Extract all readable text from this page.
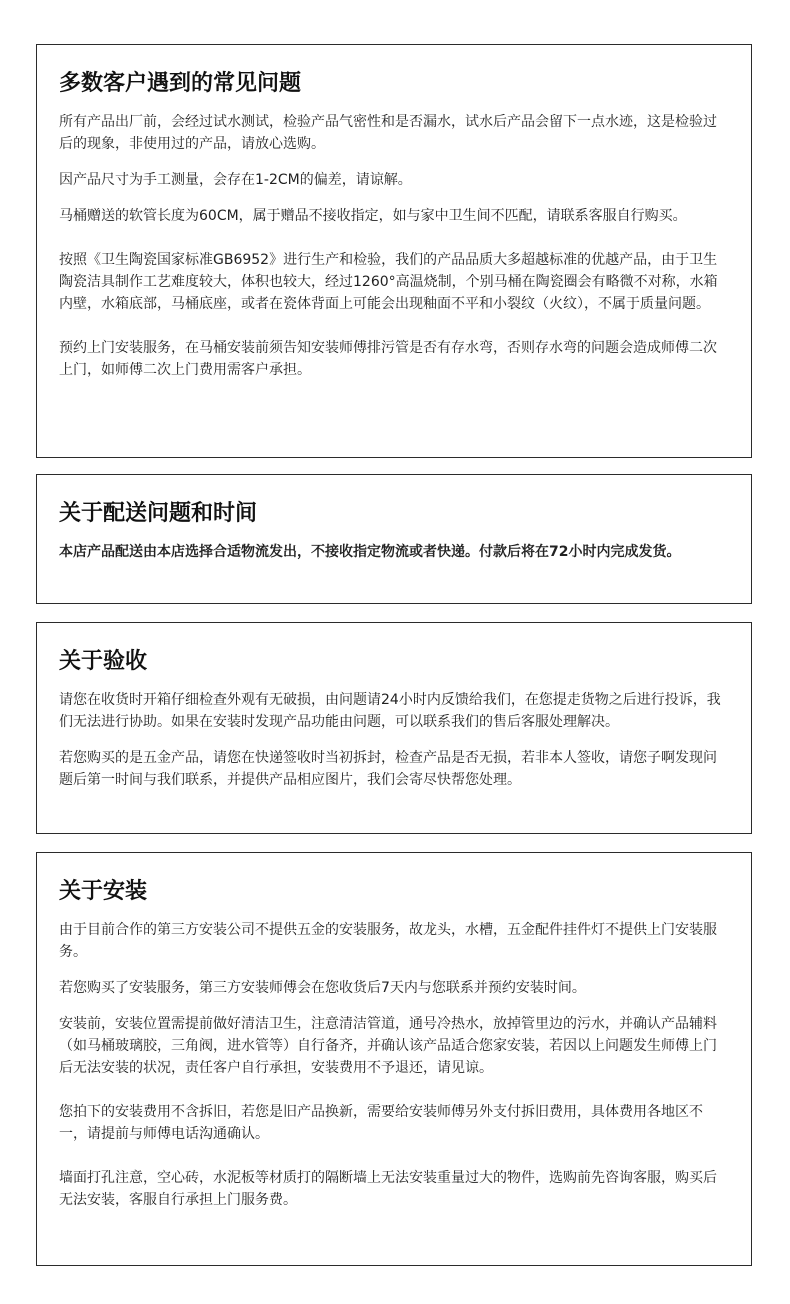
多数客户遇到的常见问题

所有产品出厂前，会经过试水测试，检验产品气密性和是否漏水，试水后产品会留下一点水迹，这是检验过后的现象，非使用过的产品，请放心选购。

因产品尺寸为手工测量，会存在1-2CM的偏差，请谅解。

马桶赠送的软管长度为60CM，属于赠品不接收指定，如与家中卫生间不匹配，请联系客服自行购买。

按照《卫生陶瓷国家标准GB6952》进行生产和检验，我们的产品品质大多超越标准的优越产品，由于卫生陶瓷洁具制作工艺难度较大，体积也较大，经过1260°高温烧制，个别马桶在陶瓷圈会有略微不对称，水箱内壁，水箱底部，马桶底座，或者在瓷体背面上可能会出现釉面不平和小裂纹（火纹），不属于质量问题。

预约上门安装服务，在马桶安装前须告知安装师傅排污管是否有存水弯，否则存水弯的问题会造成师傅二次上门，如师傅二次上门费用需客户承担。

关于配送问题和时间

本店产品配送由本店选择合适物流发出，不接收指定物流或者快递。付款后将在72小时内完成发货。

关于验收

请您在收货时开箱仔细检查外观有无破损，由问题请24小时内反馈给我们，在您提走货物之后进行投诉，我们无法进行协助。如果在安装时发现产品功能由问题，可以联系我们的售后客服处理解决。

若您购买的是五金产品，请您在快递签收时当初拆封，检查产品是否无损，若非本人签收，请您子啊发现问题后第一时间与我们联系，并提供产品相应图片，我们会寄尽快帮您处理。

关于安装

由于目前合作的第三方安装公司不提供五金的安装服务，故龙头，水槽，五金配件挂件灯不提供上门安装服务。

若您购买了安装服务，第三方安装师傅会在您收货后7天内与您联系并预约安装时间。

安装前，安装位置需提前做好清洁卫生，注意清洁管道，通号冷热水，放掉管里边的污水，并确认产品辅料（如马桶玻璃胶，三角阀，进水管等）自行备齐，并确认该产品适合您家安装，若因以上问题发生师傅上门后无法安装的状况，责任客户自行承担，安装费用不予退还，请见谅。

您拍下的安装费用不含拆旧，若您是旧产品换新，需要给安装师傅另外支付拆旧费用，具体费用各地区不一，请提前与师傅电话沟通确认。

墙面打孔注意，空心砖，水泥板等材质打的隔断墙上无法安装重量过大的物件，选购前先咨询客服，购买后无法安装，客服自行承担上门服务费。
